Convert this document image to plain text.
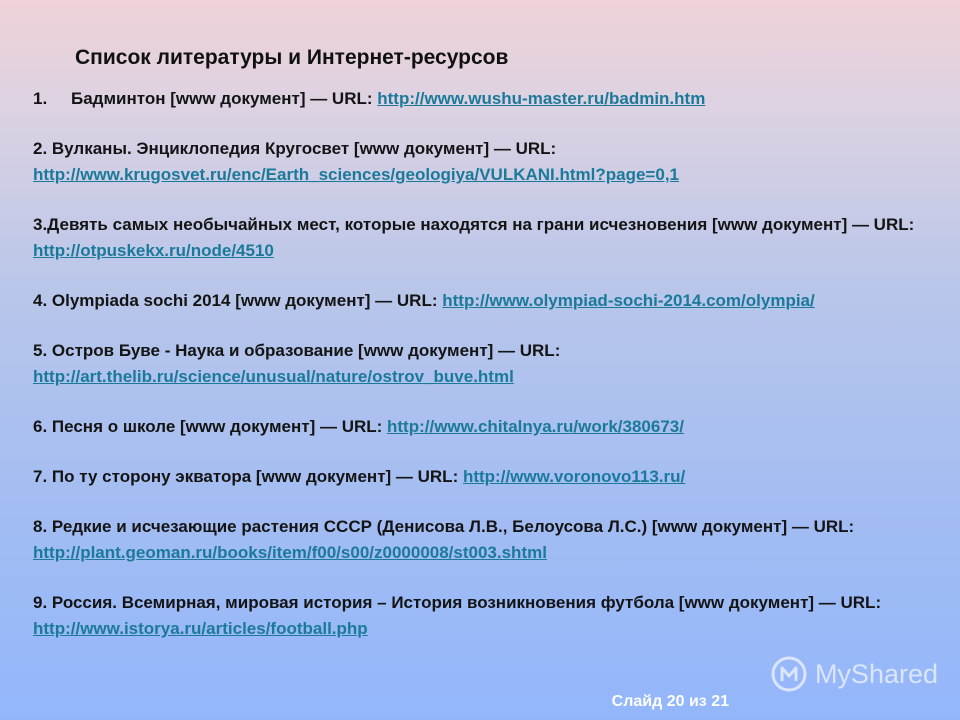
Список литературы и Интернет-ресурсов
1. Бадминтон [www документ] — URL: http://www.wushu-master.ru/badmin.htm
2. Вулканы. Энциклопедия Кругосвет [www документ] — URL: http://www.krugosvet.ru/enc/Earth_sciences/geologiya/VULKANI.html?page=0,1
3.Девять самых необычайных мест, которые находятся на грани исчезновения [www документ] — URL: http://otpuskekx.ru/node/4510
4. Olympiada sochi 2014 [www документ] — URL: http://www.olympiad-sochi-2014.com/olympia/
5. Остров Буве - Наука и образование [www документ] — URL: http://art.thelib.ru/science/unusual/nature/ostrov_buve.html
6. Песня о школе [www документ] — URL: http://www.chitalnya.ru/work/380673/
7. По ту сторону экватора [www документ] — URL: http://www.voronovo113.ru/
8. Редкие и исчезающие растения СССР (Денисова Л.В., Белоусова Л.С.) [www документ] — URL: http://plant.geoman.ru/books/item/f00/s00/z0000008/st003.shtml
9. Россия. Всемирная, мировая история – История возникновения футбола [www документ] — URL: http://www.istorya.ru/articles/football.php
MyShared
Слайд 20 из 21
